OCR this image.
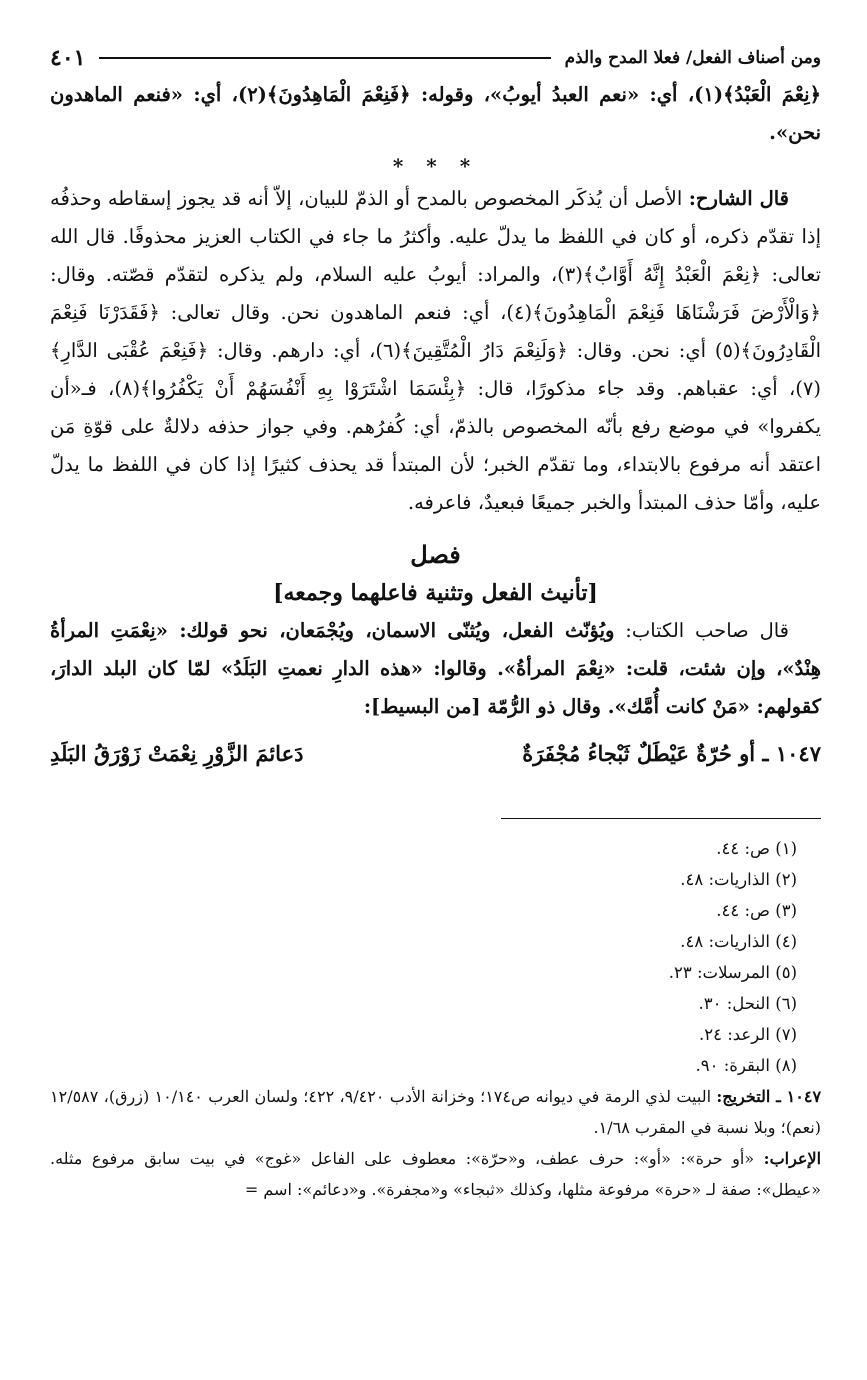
ومن أصناف الفعل/ فعلا المدح والذم
٤٠١

﴿نِعْمَ الْعَبْدُ﴾(١)، أي: «نعم العبدُ أيوبُ»، وقوله: ﴿فَنِعْمَ الْمَاهِدُونَ﴾(٢)، أي: «فنعم الماهدون نحن».

* * *

قال الشارح: الأصل أن يُذكَر المخصوص بالمدح أو الذمّ للبيان، إلاّ أنه قد يجوز إسقاطه وحذفُه إذا تقدّم ذكره، أو كان في اللفظ ما يدلّ عليه. وأكثرُ ما جاء في الكتاب العزيز محذوفًا. قال الله تعالى: ﴿نِعْمَ الْعَبْدُ إِنَّهُ أَوَّابٌ﴾(٣)، والمراد: أيوبُ عليه السلام، ولم يذكره لتقدّم قصّته. وقال: ﴿وَالْأَرْضَ فَرَشْنَاهَا فَنِعْمَ الْمَاهِدُونَ﴾(٤)، أي: فنعم الماهدون نحن. وقال تعالى: ﴿فَقَدَرْنَا فَنِعْمَ الْقَادِرُونَ﴾(٥) أي: نحن. وقال: ﴿وَلَنِعْمَ دَارُ الْمُتَّقِينَ﴾(٦)، أي: دارهم. وقال: ﴿فَنِعْمَ عُقْبَى الدَّارِ﴾(٧)، أي: عقباهم. وقد جاء مذكورًا، قال: ﴿بِئْسَمَا اشْتَرَوْا بِهِ أَنْفُسَهُمْ أَنْ يَكْفُرُوا﴾(٨)، فـ«أن يكفروا» في موضع رفع بأنّه المخصوص بالذمّ، أي: كُفرُهم. وفي جواز حذفه دلالةٌ على قوّةِ مَن اعتقد أنه مرفوع بالابتداء، وما تقدّم الخبر؛ لأن المبتدأ قد يحذف كثيرًا إذا كان في اللفظ ما يدلّ عليه، وأمّا حذف المبتدأ والخبر جميعًا فبعيدٌ، فاعرفه.

فصل
[تأنيث الفعل وتثنية فاعلهما وجمعه]

قال صاحب الكتاب: ويُؤنّث الفعل، ويُثنّى الاسمان، ويُجْمَعان، نحو قولك: «نِعْمَتِ المرأةُ هِنْدٌ»، وإن شئت، قلت: «نِعْمَ المرأةُ». وقالوا: «هذه الدارِ نعمتِ البَلَدُ» لمّا كان البلد الدارَ، كقولهم: «مَنْ كانت أُمَّك». وقال ذو الرُّمّة [من البسيط]:

١٠٤٧ ـ أو حُرّةٌ عَيْطَلٌ ثَبْجاءُ مُجْفَرَةٌ
دَعائمَ الزَّوْرِ نِعْمَتْ زَوْرَقُ البَلَدِ
(١) ص: ٤٤.
(٢) الذاريات: ٤٨.
(٣) ص: ٤٤.
(٤) الذاريات: ٤٨.
(٥) المرسلات: ٢٣.
(٦) النحل: ٣٠.
(٧) الرعد: ٢٤.
(٨) البقرة: ٩٠.
١٠٤٧ ـ التخريج: البيت لذي الرمة في ديوانه ص١٧٤؛ وخزانة الأدب ٩/٤٢٠، ٤٢٢؛ ولسان العرب ١٠/١٤٠ (زرق)، ١٢/٥٨٧ (نعم)؛ وبلا نسبة في المقرب ١/٦٨.
الإعراب: «أو حرة»: «أو»: حرف عطف، و«حرّة»: معطوف على الفاعل «غوج» في بيت سابق مرفوع مثله. «عيطل»: صفة لـ «حرة» مرفوعة مثلها، وكذلك «ثبجاء» و«مجفرة». و«دعائم»: اسم =
